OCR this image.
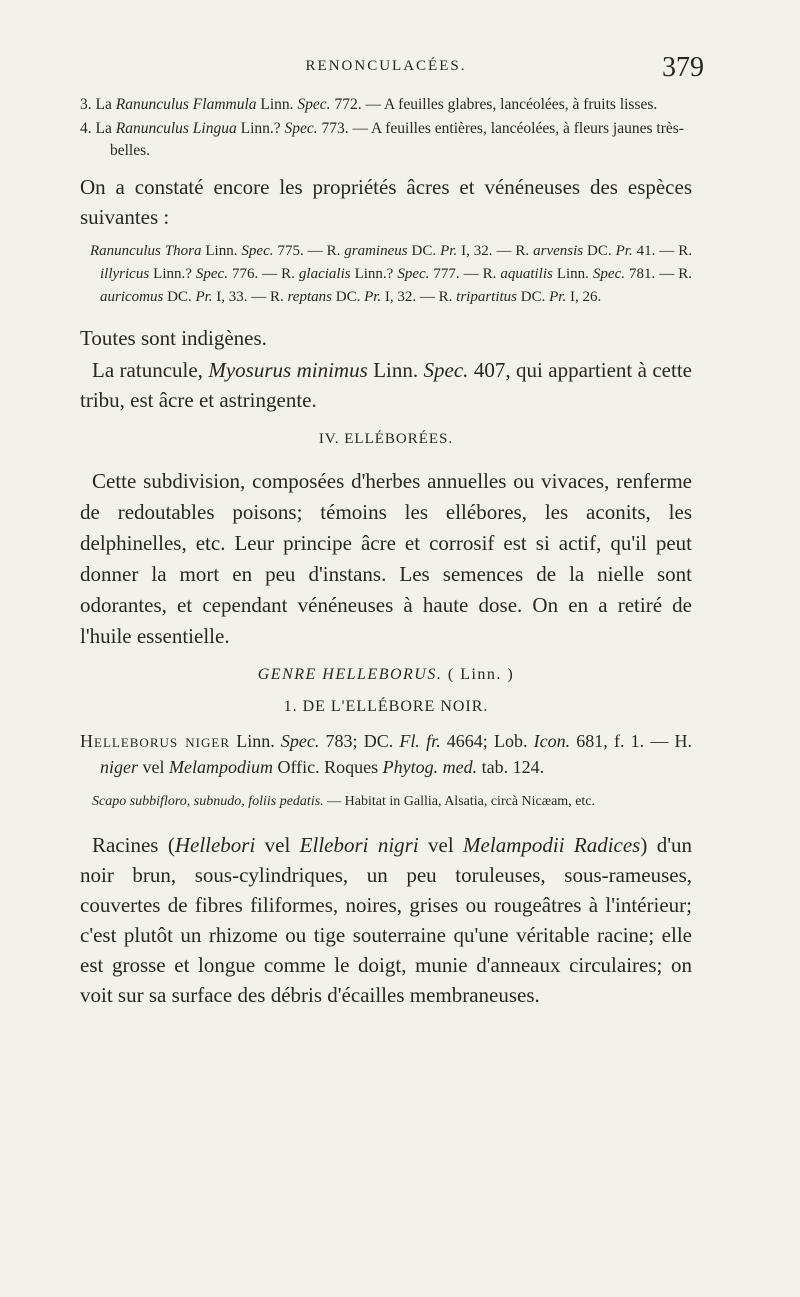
RENONCULACÉES.	379

3. La Ranunculus Flammula Linn. Spec. 772. — A feuilles glabres, lancéolées, à fruits lisses.

4. La Ranunculus Lingua Linn.? Spec. 773. — A feuilles entières, lancéolées, à fleurs jaunes très-belles.

On a constaté encore les propriétés âcres et vénéneuses des espèces suivantes :

Ranunculus Thora Linn. Spec. 775. — R. gramineus DC. Pr. I, 32. — R. arvensis DC. Pr. 41. — R. illyricus Linn.? Spec. 776. — R. glacialis Linn.? Spec. 777. — R. aquatilis Linn. Spec. 781. — R. auricomus DC. Pr. I, 33. — R. reptans DC. Pr. I, 32. — R. tripartitus DC. Pr. I, 26.

Toutes sont indigènes.

La ratuncule, Myosurus minimus Linn. Spec. 407, qui appartient à cette tribu, est âcre et astringente.

IV. ELLÉBORÉES.

Cette subdivision, composées d'herbes annuelles ou vivaces, renferme de redoutables poisons; témoins les ellébores, les aconits, les delphinelles, etc. Leur principe âcre et corrosif est si actif, qu'il peut donner la mort en peu d'instans. Les semences de la nielle sont odorantes, et cependant vénéneuses à haute dose. On en a retiré de l'huile essentielle.

GENRE HELLEBORUS. ( Linn. )
1. DE L'ELLÉBORE NOIR.

Helleborus niger Linn. Spec. 783; DC. Fl. fr. 4664; Lob. Icon. 681, f. 1. — H. niger vel Melampodium Offic. Roques Phytog. med. tab. 124.

Scapo subbifloro, subnudo, foliis pedatis. — Habitat in Gallia, Alsatia, circà Nicæam, etc.

Racines (Hellebori vel Ellebori nigri vel Melampodii Radices) d'un noir brun, sous-cylindriques, un peu toruleuses, sous-rameuses, couvertes de fibres filiformes, noires, grises ou rougeâtres à l'intérieur; c'est plutôt un rhizome ou tige souterraine qu'une véritable racine; elle est grosse et longue comme le doigt, munie d'anneaux circulaires; on voit sur sa surface des débris d'écailles membraneuses.
